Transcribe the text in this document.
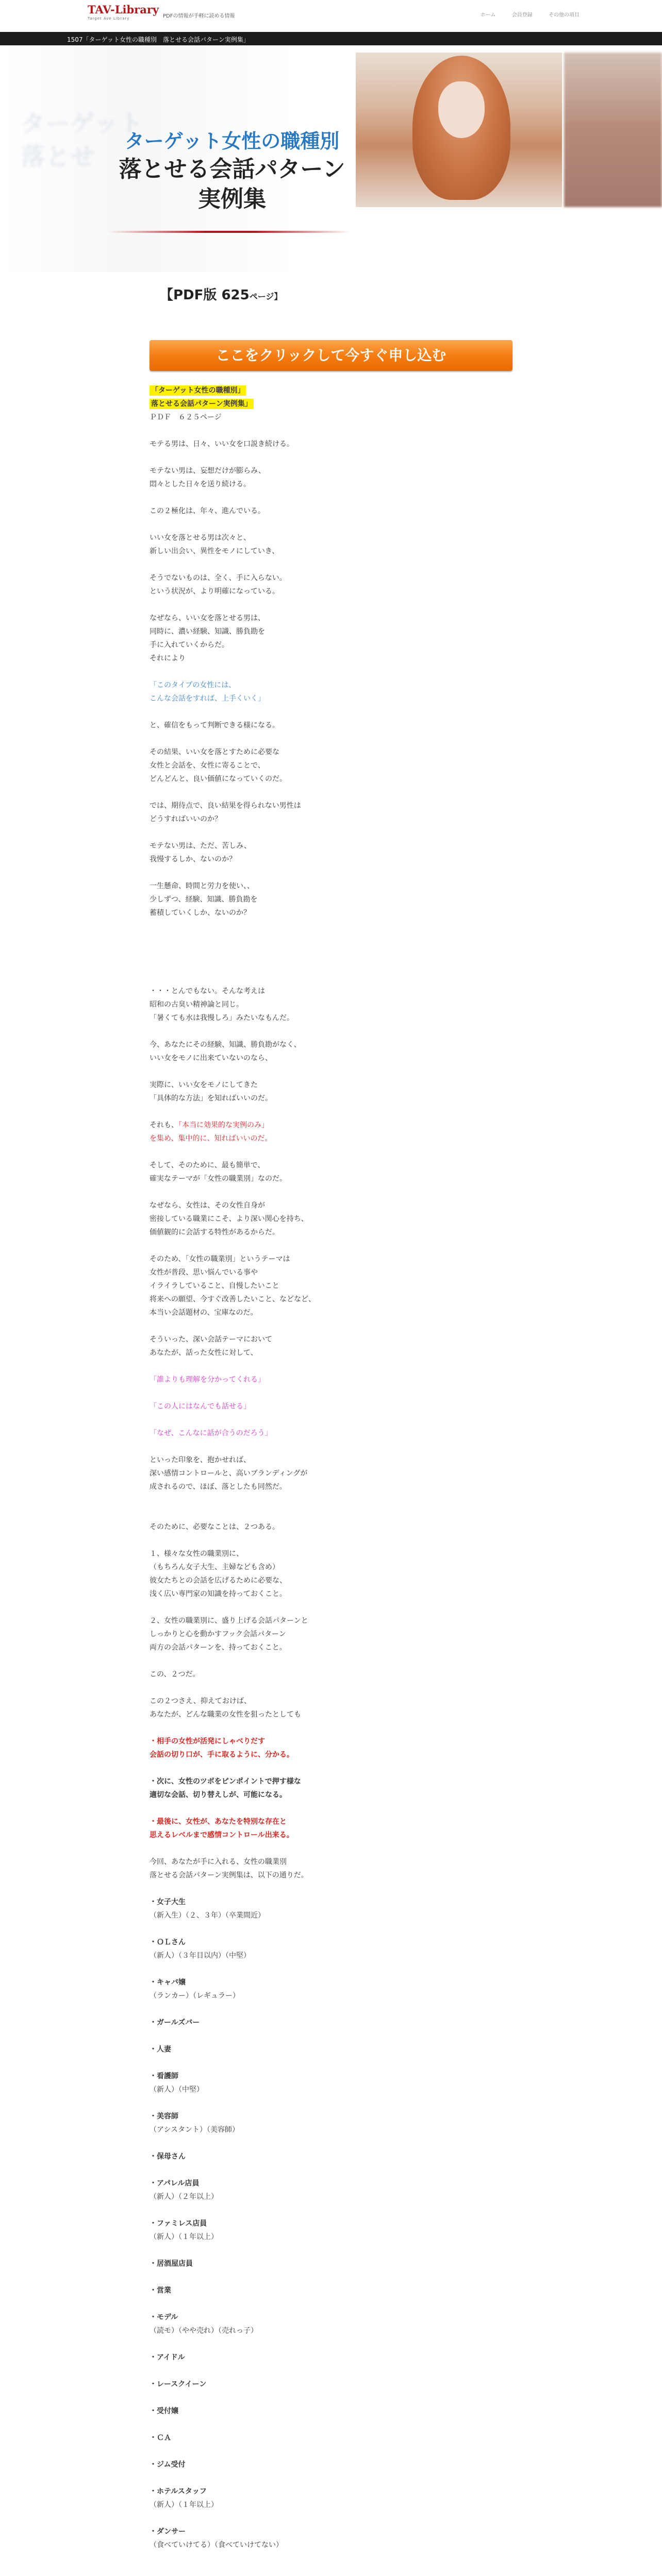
TAV-Library
Target Ave Library	PDFの情報が手軽に読める情報	ホーム	会員登録	その他の項目
1507「ターゲット女性の職種別　落とせる会話パターン実例集」
ターゲット
落とせ
ターゲット女性の職種別
落とせる会話パターン
実例集
【PDF版 625ページ】
ここをクリックして今すぐ申し込む

「ターゲット女性の職種別」

落とせる会話パターン実例集」

ＰＤＦ　６２５ページ

モテる男は、日々、いい女を口説き続ける。

モテない男は、妄想だけが膨らみ、
悶々とした日々を送り続ける。

この２極化は、年々、進んでいる。

いい女を落とせる男は次々と、
新しい出会い、異性をモノにしていき、

そうでないものは、全く、手に入らない。
という状況が、より明確になっている。

なぜなら、いい女を落とせる男は、
同時に、濃い経験、知識、勝負勘を
手に入れていくからだ。
それにより
「このタイプの女性には、
こんな会話をすれば、上手くいく」
と、確信をもって判断できる様になる。

その結果、いい女を落とすために必要な
女性と会話を、女性に寄ることで、
どんどんと、良い価値になっていくのだ。

では、期待点で、良い結果を得られない男性は
どうすればいいのか？

モテない男は、ただ、苦しみ、
我慢するしか、ないのか？

一生懸命、時間と労力を使い、、
少しずつ、経験、知識、勝負勘を
蓄積していくしか、ないのか？
・・・とんでもない。そんな考えは
昭和の古臭い精神論と同じ。
「暑くても水は我慢しろ」みたいなもんだ。

今、あなたにその経験、知識、勝負勘がなく、
いい女をモノに出来ていないのなら、

実際に、いい女をモノにしてきた
「具体的な方法」を知ればいいのだ。
それも、「本当に効果的な実例のみ」
を集め、集中的に、知ればいいのだ。
そして、そのために、最も簡単で、
確実なテーマが「女性の職業別」なのだ。

なぜなら、女性は、その女性自身が
密接している職業にこそ、より深い関心を持ち、
価値観的に会話する特性があるからだ。

そのため、「女性の職業別」というテーマは
女性が普段、思い悩んでいる事や
イライラしていること、自慢したいこと
将来への願望、今すぐ改善したいこと、などなど、
本当い会話題材の、宝庫なのだ。

そういった、深い会話テーマにおいて
あなたが、話った女性に対して、
「誰よりも理解を分かってくれる」
「この人にはなんでも話せる」
「なぜ、こんなに話が合うのだろう」
といった印象を、抱かせれば、
深い感情コントロールと、高いブランディングが
成されるので、ほぼ、落としたも同然だ。

そのために、必要なことは、２つある。

１、様々な女性の職業別に、
（もちろん女子大生、主婦なども含め）
彼女たちとの会話を広げるために必要な、
浅く広い専門家の知識を持っておくこと。

２、女性の職業別に、盛り上げる会話パターンと
しっかりと心を動かすフック会話パターン
両方の会話パターンを、持っておくこと。

この、２つだ。

この２つさえ、抑えておけば、
あなたが、どんな職業の女性を狙ったとしても
・相手の女性が活発にしゃべりだす
会話の切り口が、手に取るように、分かる。
・次に、女性のツボをピンポイントで押す様な
適切な会話、切り替えしが、可能になる。
・最後に、女性が、あなたを特別な存在と
思えるレベルまで感情コントロール出来る。
今回、あなたが手に入れる、女性の職業別
落とせる会話パターン実例集は、以下の通りだ。
・女子大生
（新入生）（２、３年）（卒業間近）
・ＯＬさん
（新人）（３年目以内）（中堅）
・キャバ嬢
（ランカー）（レギュラー）
・ガールズバー
・人妻
・看護師
（新人）（中堅）
・美容師
（アシスタント）（美容師）
・保母さん
・アパレル店員
（新人）（２年以上）
・ファミレス店員
（新人）（１年以上）
・居酒屋店員
・営業
・モデル
（読モ）（やや売れ）（売れっ子）
・アイドル
・レースクイーン
・受付嬢
・ＣＡ
・ジム受付
・ホテルスタッフ
（新人）（１年以上）
・ダンサー
（食べていけてる）（食べていけてない）
